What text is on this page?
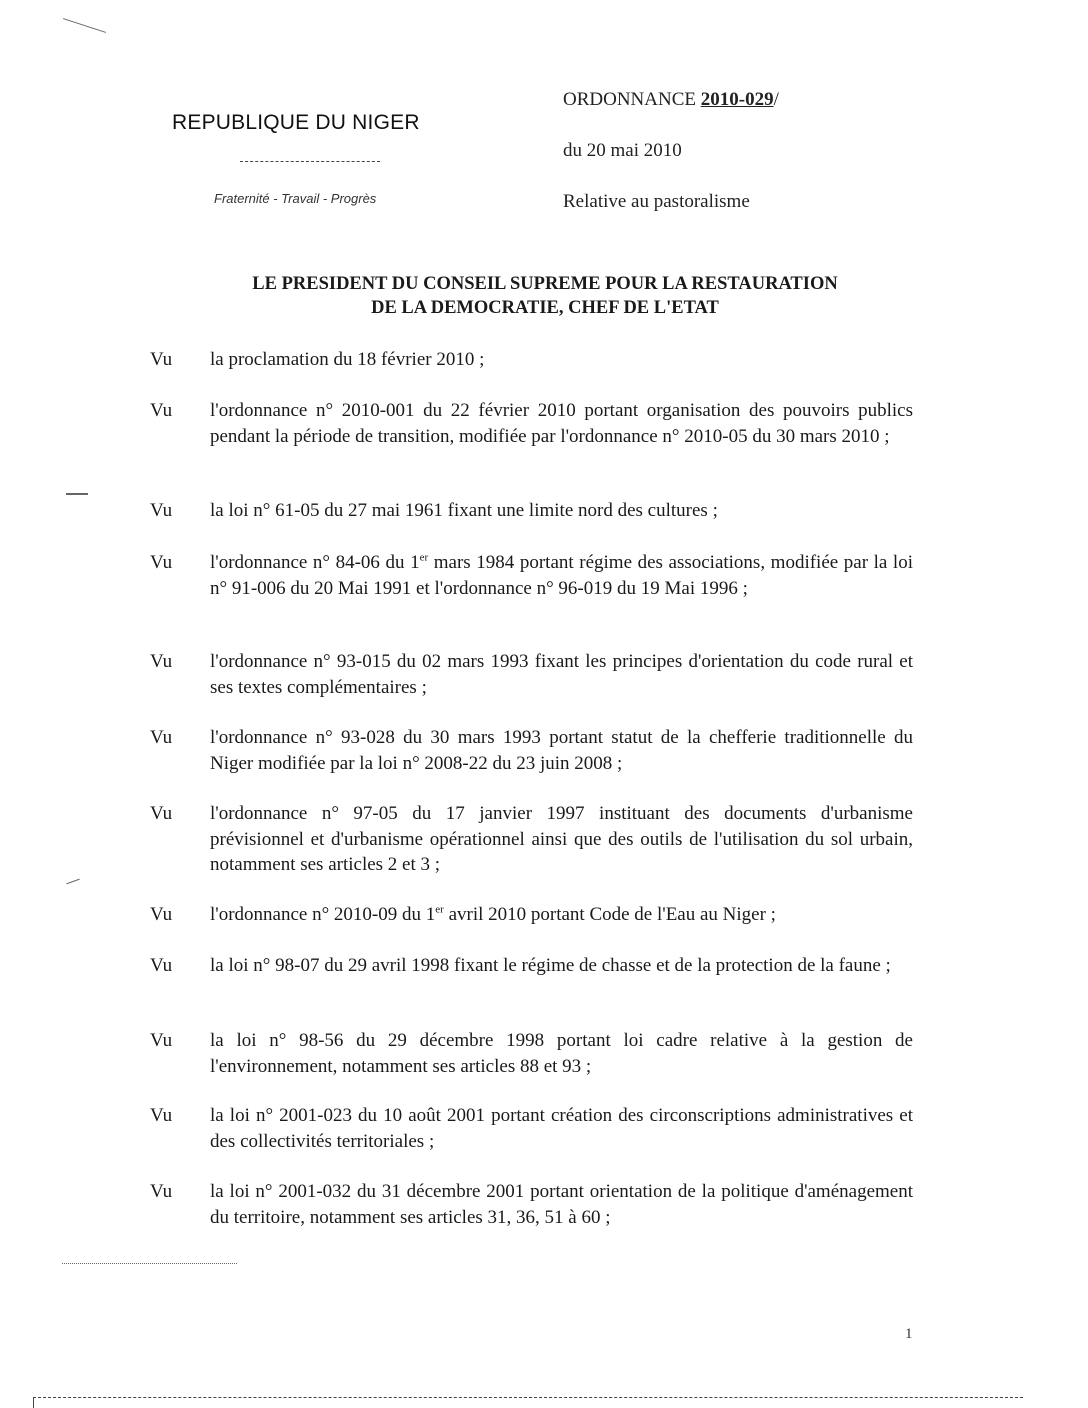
REPUBLIQUE DU NIGER
Fraternité - Travail - Progrès
ORDONNANCE 2010-029/
du 20 mai 2010
Relative au pastoralisme
LE PRESIDENT DU CONSEIL SUPREME POUR LA RESTAURATION
DE LA DEMOCRATIE, CHEF DE L'ETAT
Vu	la proclamation du 18 février 2010 ;
Vu	l'ordonnance n° 2010-001 du 22 février 2010 portant organisation des pouvoirs publics pendant la période de transition, modifiée par l'ordonnance n° 2010-05 du 30 mars 2010 ;
Vu	la loi n° 61-05 du 27 mai 1961 fixant une limite nord des cultures ;
Vu	l'ordonnance n° 84-06 du 1er mars 1984 portant régime des associations, modifiée par la loi n° 91-006 du 20 Mai 1991 et l'ordonnance n° 96-019 du 19 Mai 1996 ;
Vu	l'ordonnance n° 93-015 du 02 mars 1993 fixant les principes d'orientation du code rural et ses textes complémentaires ;
Vu	l'ordonnance n° 93-028 du 30 mars 1993 portant statut de la chefferie traditionnelle du Niger modifiée par la loi n° 2008-22 du 23 juin 2008 ;
Vu	l'ordonnance n° 97-05 du 17 janvier 1997 instituant des documents d'urbanisme prévisionnel et d'urbanisme opérationnel ainsi que des outils de l'utilisation du sol urbain, notamment ses articles 2 et 3 ;
Vu	l'ordonnance n° 2010-09 du 1er avril 2010 portant Code de l'Eau au Niger ;
Vu	la loi n° 98-07 du 29 avril 1998 fixant le régime de chasse et de la protection de la faune ;
Vu	la loi n° 98-56 du 29 décembre 1998 portant loi cadre relative à la gestion de l'environnement, notamment ses articles 88 et 93 ;
Vu	la loi n° 2001-023 du 10 août 2001 portant création des circonscriptions administratives et des collectivités territoriales ;
Vu	la loi n° 2001-032 du 31 décembre 2001 portant orientation de la politique d'aménagement du territoire, notamment ses articles 31, 36, 51 à 60 ;
1
